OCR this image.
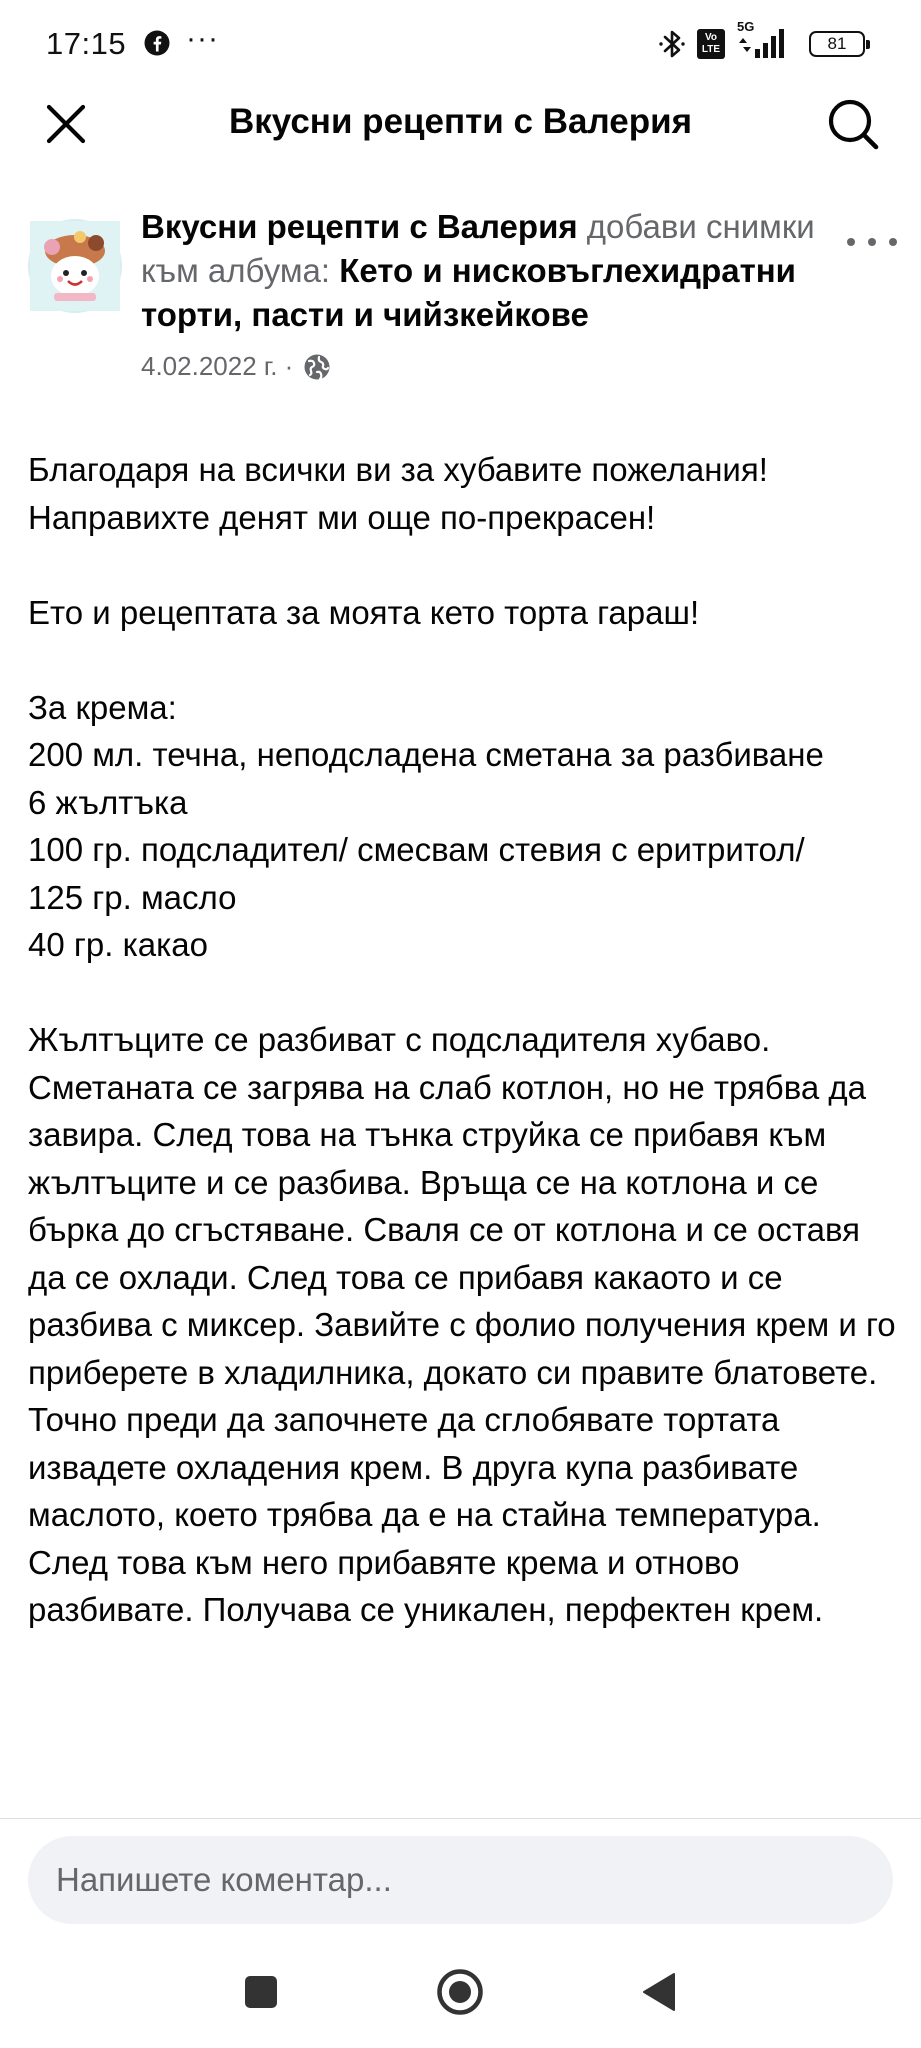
17:15 ···	Vo LTE
5G
81
Вкусни рецепти с Валерия

Вкусни рецепти с Валерия добави снимки към албума: Кето и нисковъглехидратни торти, пасти и чийзкейкове

4.02.2022 г. ·

Благодаря на всички ви за хубавите пожелания!
Направихте денят ми още по-прекрасен!

Ето и рецептата за моята кето торта гараш!

За крема:
200 мл. течна, неподсладена сметана за разбиване
6 жълтъка
100 гр. подсладител/ смесвам стевия с еритритол/
125 гр. масло
40 гр. какао

Жълтъците се разбиват с подсладителя хубаво. Сметаната се загрява на слаб котлон, но не трябва да завира. След това на тънка струйка се прибавя към жълтъците и се разбива. Връща се на котлона и се бърка до сгъстяване. Сваля се от котлона и се оставя да се охлади. След това се прибавя какаото и се разбива с миксер. Завийте с фолио получения крем и го приберете в хладилника, докато си правите блатовете. Точно преди да започнете да сглобявате тортата извадете охладения крем. В друга купа разбивате маслото, което трябва да е на стайна температура. След това към него прибавяте крема и отново разбивате. Получава се уникален, перфектен крем.

Напишете коментар...
